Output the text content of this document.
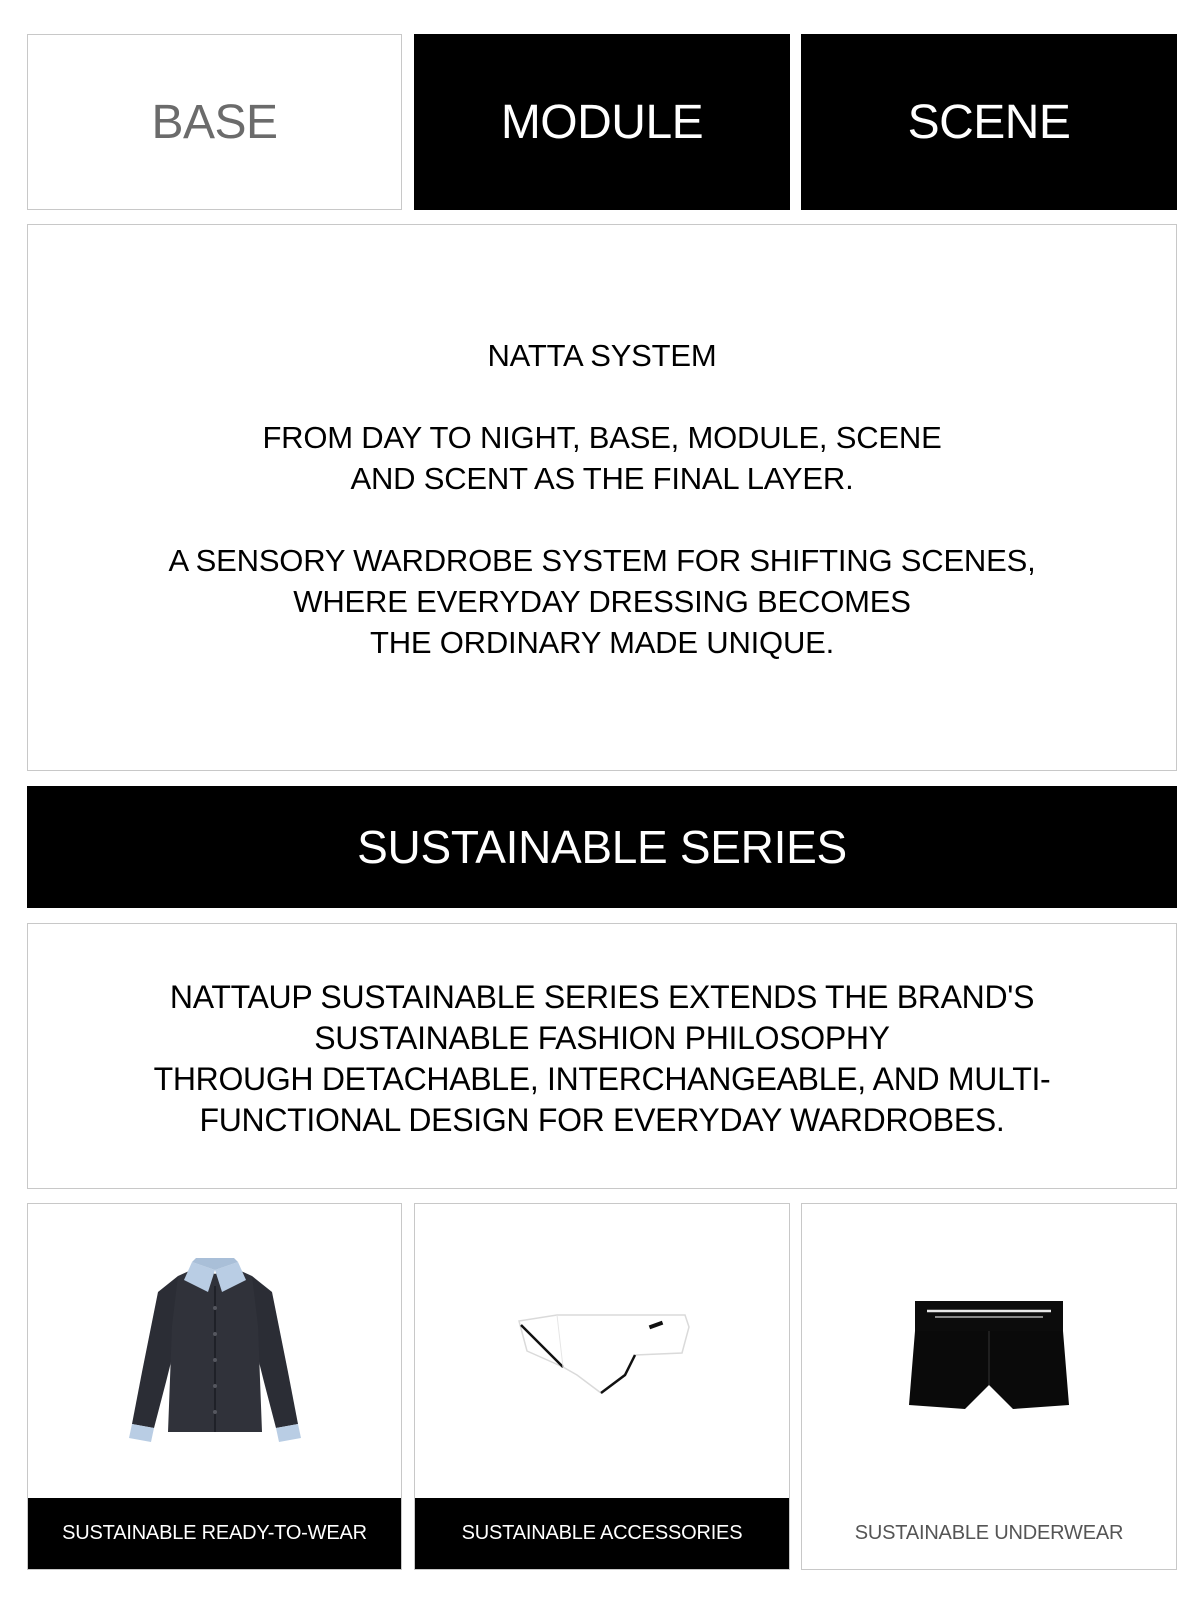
BASE	MODULE	SCENE
NATTA SYSTEM
FROM DAY TO NIGHT, BASE, MODULE, SCENE
AND SCENT AS THE FINAL LAYER.
A SENSORY WARDROBE SYSTEM FOR SHIFTING SCENES,
WHERE EVERYDAY DRESSING BECOMES
THE ORDINARY MADE UNIQUE.
SUSTAINABLE SERIES
NATTAUP SUSTAINABLE SERIES EXTENDS THE BRAND'S
SUSTAINABLE FASHION PHILOSOPHY
THROUGH DETACHABLE, INTERCHANGEABLE, AND MULTI-
FUNCTIONAL DESIGN FOR EVERYDAY WARDROBES.
SUSTAINABLE READY-TO-WEAR	SUSTAINABLE ACCESSORIES	SUSTAINABLE UNDERWEAR
